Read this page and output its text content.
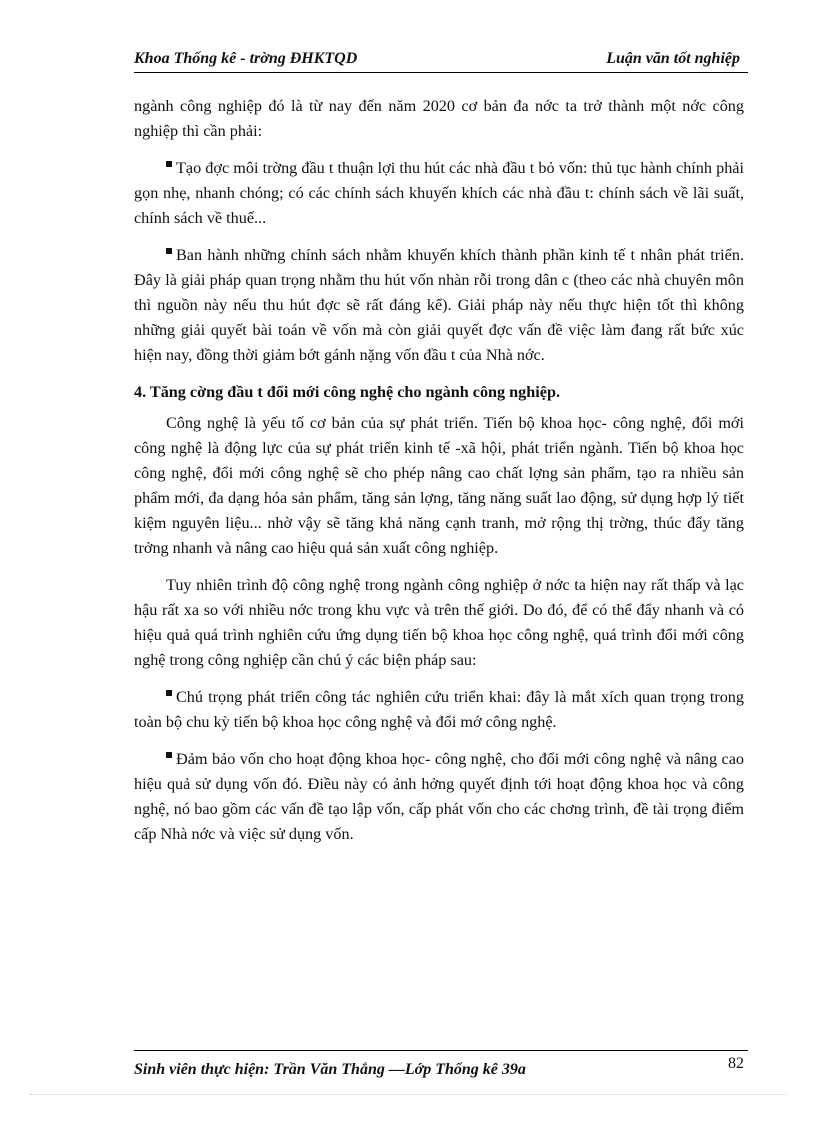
Khoa Thống kê - trờng ĐHKTQD	Luận văn tốt nghiệp

ngành công nghiệp đó là từ nay đến năm 2020 cơ bản đa nớc ta trở thành một nớc công nghiệp thì cần phải:

Tạo đợc môi trờng đầu t thuận lợi thu hút các nhà đầu t bỏ vốn: thủ tục hành chính phải gọn nhẹ, nhanh chóng; có các chính sách khuyến khích các nhà đầu t: chính sách về lãi suất, chính sách về thuế...

Ban hành những chính sách nhằm khuyến khích thành phần kinh tế t nhân phát triển. Đây là giải pháp quan trọng nhằm thu hút vốn nhàn rỗi trong dân c (theo các nhà chuyên môn thì nguồn này nếu thu hút đợc sẽ rất đáng kể). Giải pháp này nếu thực hiện tốt thì không những giải quyết bài toán về vốn mà còn giải quyết đợc vấn đề việc làm đang rất bức xúc hiện nay, đồng thời giảm bớt gánh nặng vốn đầu t của Nhà nớc.

4. Tăng cờng đầu t đổi mới công nghệ cho ngành công nghiệp.

Công nghệ là yếu tố cơ bản của sự phát triển. Tiến bộ khoa học- công nghệ, đổi mới công nghệ là động lực của sự phát triển kinh tế -xã hội, phát triển ngành. Tiến bộ khoa học công nghệ, đổi mới công nghệ sẽ cho phép nâng cao chất lợng sản phẩm, tạo ra nhiều sản phẩm mới, đa dạng hóa sản phẩm, tăng sản lợng, tăng năng suất lao động, sử dụng hợp lý tiết kiệm nguyên liệu... nhờ vậy sẽ tăng khả năng cạnh tranh, mở rộng thị trờng, thúc đẩy tăng trởng nhanh và nâng cao hiệu quả sản xuất công nghiệp.

Tuy nhiên trình độ công nghệ trong ngành công nghiệp ở nớc ta hiện nay rất thấp và lạc hậu rất xa so với nhiều nớc trong khu vực và trên thế giới. Do đó, để có thể đẩy nhanh và có hiệu quả quá trình nghiên cứu ứng dụng tiến bộ khoa học công nghệ, quá trình đổi mới công nghệ trong công nghiệp cần chú ý các biện pháp sau:

Chú trọng phát triển công tác nghiên cứu triển khai: đây là mắt xích quan trọng trong toàn bộ chu kỳ tiến bộ khoa học công nghệ và đổi mớ công nghệ.

Đảm bảo vốn cho hoạt động khoa học- công nghệ, cho đổi mới công nghệ và nâng cao hiệu quả sử dụng vốn đó. Điều này có ảnh hởng quyết định tới hoạt động khoa học và công nghệ, nó bao gồm các vấn đề tạo lập vốn, cấp phát vốn cho các chơng trình, đề tài trọng điểm cấp Nhà nớc và việc sử dụng vốn.

Sinh viên thực hiện: Trần Văn Thắng —Lớp Thống kê 39a	82
